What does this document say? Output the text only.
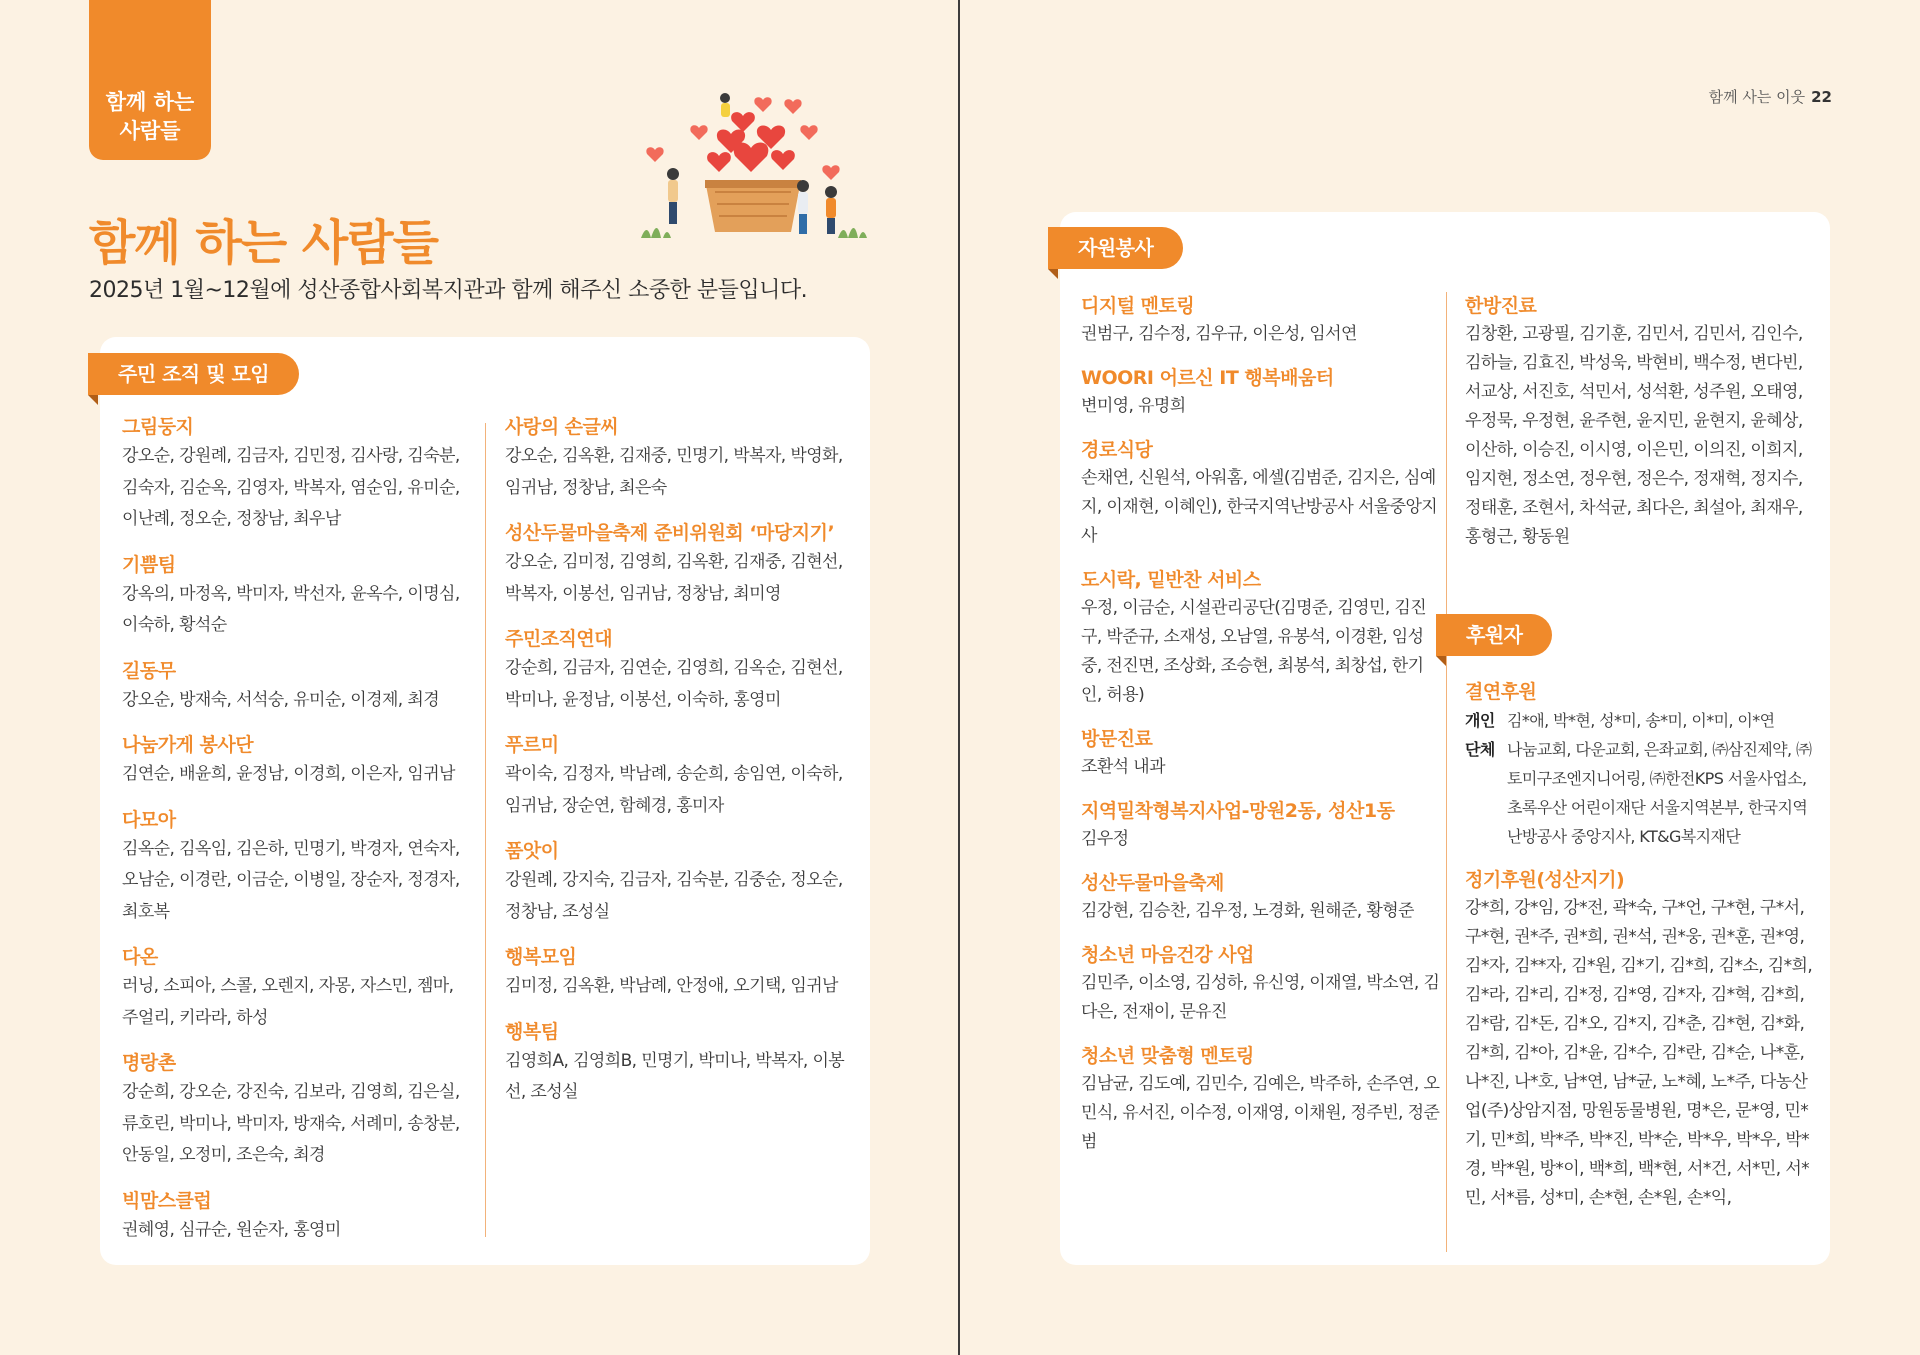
함께 하는
사람들
함께 하는 사람들

2025년 1월~12월에 성산종합사회복지관과 함께 해주신 소중한 분들입니다.

주민 조직 및 모임
그림둥지
강오순, 강원례, 김금자, 김민정, 김사랑, 김숙분, 김숙자, 김순옥, 김영자, 박복자, 염순임, 유미순, 이난례, 정오순, 정창남, 최우남
기쁨팀
강옥의, 마정옥, 박미자, 박선자, 윤옥수, 이명심, 이숙하, 황석순
길동무
강오순, 방재숙, 서석숭, 유미순, 이경제, 최경
나눔가게 봉사단
김연순, 배윤희, 윤정남, 이경희, 이은자, 임귀남
다모아
김옥순, 김옥임, 김은하, 민명기, 박경자, 연숙자, 오남순, 이경란, 이금순, 이병일, 장순자, 정경자, 최호복
다온
러닝, 소피아, 스콜, 오렌지, 자몽, 자스민, 젬마, 주얼리, 키라라, 하성
명랑촌
강순희, 강오순, 강진숙, 김보라, 김영희, 김은실, 류호린, 박미나, 박미자, 방재숙, 서례미, 송창분, 안동일, 오정미, 조은숙, 최경
빅맘스클럽
권혜영, 심규순, 원순자, 홍영미
사랑의 손글씨
강오순, 김옥환, 김재중, 민명기, 박복자, 박영화, 임귀남, 정창남, 최은숙
성산두물마을축제 준비위원회 ‘마당지기’
강오순, 김미정, 김영희, 김옥환, 김재중, 김현선, 박복자, 이봉선, 임귀남, 정창남, 최미영
주민조직연대
강순희, 김금자, 김연순, 김영희, 김옥순, 김현선, 박미나, 윤정남, 이봉선, 이숙하, 홍영미
푸르미
곽이숙, 김정자, 박남례, 송순희, 송임연, 이숙하, 임귀남, 장순연, 함혜경, 홍미자
품앗이
강원례, 강지숙, 김금자, 김숙분, 김중순, 정오순, 정창남, 조성실
행복모임
김미정, 김옥환, 박남례, 안정애, 오기택, 임귀남
행복팀
김영희A, 김영희B, 민명기, 박미나, 박복자, 이봉선, 조성실
함께 사는 이웃 22
자원봉사
디지털 멘토링
권범구, 김수정, 김우규, 이은성, 임서연
WOORI 어르신 IT 행복배움터
변미영, 유명희
경로식당
손채연, 신원석, 아워홈, 에셀(김범준, 김지은, 심예지, 이재현, 이혜인), 한국지역난방공사 서울중앙지사
도시락, 밑반찬 서비스
우정, 이금순, 시설관리공단(김명준, 김영민, 김진구, 박준규, 소재성, 오남열, 유봉석, 이경환, 임성중, 전진면, 조상화, 조승현, 최봉석, 최창섭, 한기인, 허용)
방문진료
조환석 내과
지역밀착형복지사업-망원2동, 성산1동
김우정
성산두물마을축제
김강현, 김승찬, 김우정, 노경화, 원해준, 황형준
청소년 마음건강 사업
김민주, 이소영, 김성하, 유신영, 이재열, 박소연, 김다은, 전재이, 문유진
청소년 맞춤형 멘토링
김남균, 김도예, 김민수, 김예은, 박주하, 손주연, 오민식, 유서진, 이수정, 이재영, 이채원, 정주빈, 정준범
한방진료
김창환, 고광필, 김기훈, 김민서, 김민서, 김인수, 김하늘, 김효진, 박성욱, 박현비, 백수정, 변다빈, 서교상, 서진호, 석민서, 성석환, 성주원, 오태영, 우정묵, 우정현, 윤주현, 윤지민, 윤현지, 윤혜상, 이산하, 이승진, 이시영, 이은민, 이의진, 이희지, 임지현, 정소연, 정우현, 정은수, 정재혁, 정지수, 정태훈, 조현서, 차석균, 최다은, 최설아, 최재우, 홍형근, 황동원
후원자
결연후원
개인 김*애, 박*현, 성*미, 송*미, 이*미, 이*연
단체 나눔교회, 다운교회, 은좌교회, ㈜삼진제약, ㈜토미구조엔지니어링, ㈜한전KPS 서울사업소, 초록우산 어린이재단 서울지역본부, 한국지역난방공사 중앙지사, KT&G복지재단
정기후원(성산지기)
강*희, 강*임, 강*전, 곽*숙, 구*언, 구*현, 구*서, 구*현, 권*주, 권*희, 권*석, 권*웅, 권*훈, 권*영, 김*자, 김**자, 김*원, 김*기, 김*희, 김*소, 김*희, 김*라, 김*리, 김*정, 김*영, 김*자, 김*혁, 김*희, 김*람, 김*돈, 김*오, 김*지, 김*춘, 김*현, 김*화, 김*희, 김*아, 김*윤, 김*수, 김*란, 김*순, 나*훈, 나*진, 나*호, 남*연, 남*균, 노*혜, 노*주, 다농산업(주)상암지점, 망원동물병원, 명*은, 문*영, 민*기, 민*희, 박*주, 박*진, 박*순, 박*우, 박*우, 박*경, 박*원, 방*이, 백*희, 백*현, 서*건, 서*민, 서*민, 서*름, 성*미, 손*현, 손*원, 손*익,
